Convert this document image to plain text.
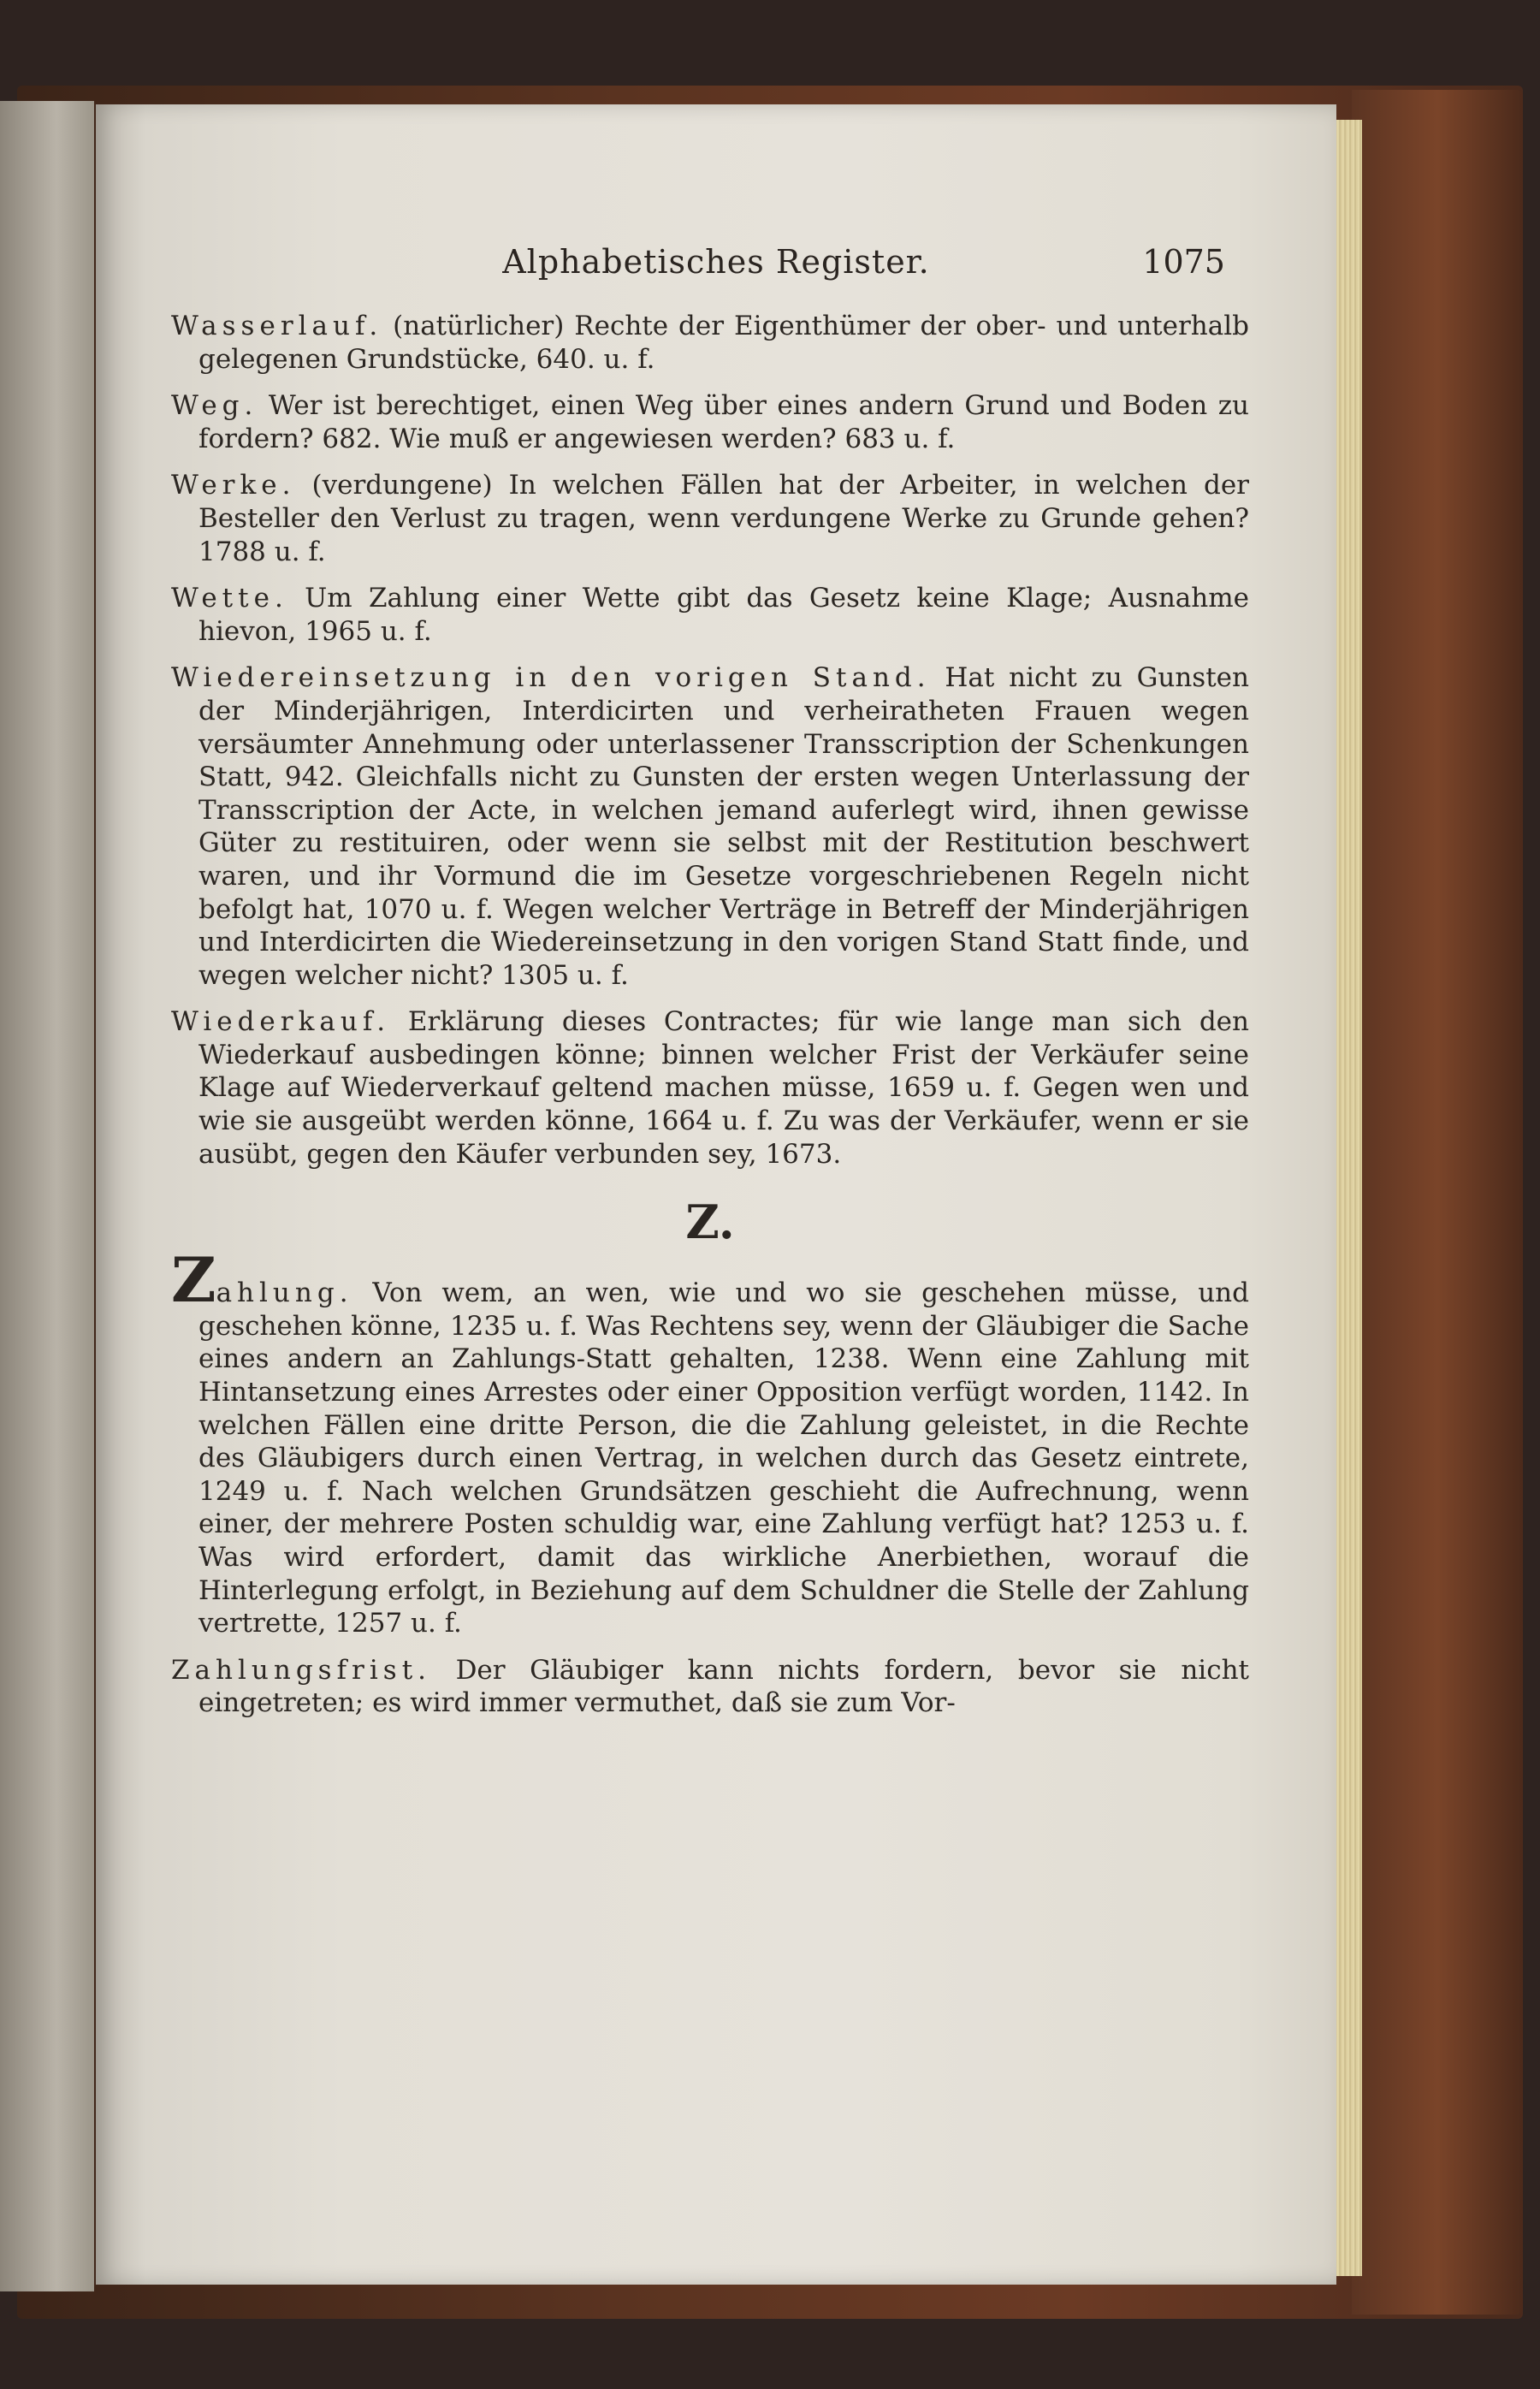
Alphabetisches Register.	1075

Wasserlauf. (natürlicher) Rechte der Eigenthümer der ober- und unterhalb gelegenen Grundstücke, 640. u. f.

Weg. Wer ist berechtiget, einen Weg über eines andern Grund und Boden zu fordern? 682. Wie muß er angewiesen werden? 683 u. f.

Werke. (verdungene) In welchen Fällen hat der Arbeiter, in welchen der Besteller den Verlust zu tragen, wenn verdungene Werke zu Grunde gehen? 1788 u. f.

Wette. Um Zahlung einer Wette gibt das Gesetz keine Klage; Ausnahme hievon, 1965 u. f.

Wiedereinsetzung in den vorigen Stand. Hat nicht zu Gunsten der Minderjährigen, Interdicirten und verheiratheten Frauen wegen versäumter Annehmung oder unterlassener Transscription der Schenkungen Statt, 942. Gleichfalls nicht zu Gunsten der ersten wegen Unterlassung der Transscription der Acte, in welchen jemand auferlegt wird, ihnen gewisse Güter zu restituiren, oder wenn sie selbst mit der Restitution beschwert waren, und ihr Vormund die im Gesetze vorgeschriebenen Regeln nicht befolgt hat, 1070 u. f. Wegen welcher Verträge in Betreff der Minderjährigen und Interdicirten die Wiedereinsetzung in den vorigen Stand Statt finde, und wegen welcher nicht? 1305 u. f.

Wiederkauf. Erklärung dieses Contractes; für wie lange man sich den Wiederkauf ausbedingen könne; binnen welcher Frist der Verkäufer seine Klage auf Wiederverkauf geltend machen müsse, 1659 u. f. Gegen wen und wie sie ausgeübt werden könne, 1664 u. f. Zu was der Verkäufer, wenn er sie ausübt, gegen den Käufer verbunden sey, 1673.

Z.

Zahlung. Von wem, an wen, wie und wo sie geschehen müsse, und geschehen könne, 1235 u. f. Was Rechtens sey, wenn der Gläubiger die Sache eines andern an Zahlungs-Statt gehalten, 1238. Wenn eine Zahlung mit Hintansetzung eines Arrestes oder einer Opposition verfügt worden, 1142. In welchen Fällen eine dritte Person, die die Zahlung geleistet, in die Rechte des Gläubigers durch einen Vertrag, in welchen durch das Gesetz eintrete, 1249 u. f. Nach welchen Grundsätzen geschieht die Aufrechnung, wenn einer, der mehrere Posten schuldig war, eine Zahlung verfügt hat? 1253 u. f. Was wird erfordert, damit das wirkliche Anerbiethen, worauf die Hinterlegung erfolgt, in Beziehung auf dem Schuldner die Stelle der Zahlung vertrette, 1257 u. f.

Zahlungsfrist. Der Gläubiger kann nichts fordern, bevor sie nicht eingetreten; es wird immer vermuthet, daß sie zum Vor-
